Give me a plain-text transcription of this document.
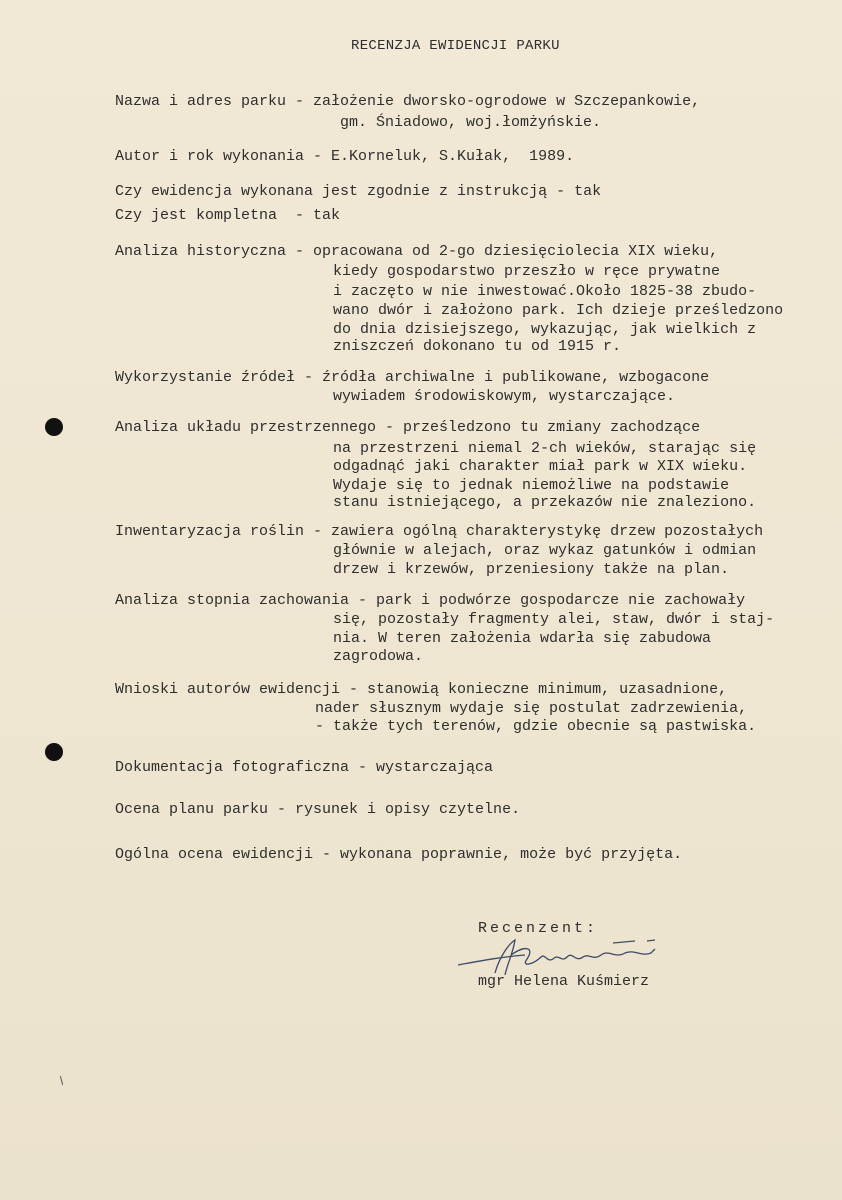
RECENZJA EWIDENCJI PARKU
Nazwa i adres parku - założenie dworsko-ogrodowe w Szczepankowie,
gm. Śniadowo, woj.łomżyńskie.
Autor i rok wykonania - E.Korneluk, S.Kułak,  1989.
Czy ewidencja wykonana jest zgodnie z instrukcją - tak
Czy jest kompletna  - tak
Analiza historyczna - opracowana od 2-go dziesięciolecia XIX wieku,
kiedy gospodarstwo przeszło w ręce prywatne
i zaczęto w nie inwestować.Około 1825-38 zbudo-
wano dwór i założono park. Ich dzieje prześledzono
do dnia dzisiejszego, wykazując, jak wielkich z
zniszczeń dokonano tu od 1915 r.
Wykorzystanie źródeł - źródła archiwalne i publikowane, wzbogacone
wywiadem środowiskowym, wystarczające.
Analiza układu przestrzennego - prześledzono tu zmiany zachodzące
na przestrzeni niemal 2-ch wieków, starając się
odgadnąć jaki charakter miał park w XIX wieku.
Wydaje się to jednak niemożliwe na podstawie
stanu istniejącego, a przekazów nie znaleziono.
Inwentaryzacja roślin - zawiera ogólną charakterystykę drzew pozostałych
głównie w alejach, oraz wykaz gatunków i odmian
drzew i krzewów, przeniesiony także na plan.
Analiza stopnia zachowania - park i podwórze gospodarcze nie zachowały
się, pozostały fragmenty alei, staw, dwór i staj-
nia. W teren założenia wdarła się zabudowa
zagrodowa.
Wnioski autorów ewidencji - stanowią konieczne minimum, uzasadnione,
nader słusznym wydaje się postulat zadrzewienia,
- także tych terenów, gdzie obecnie są pastwiska.
Dokumentacja fotograficzna - wystarczająca
Ocena planu parku - rysunek i opisy czytelne.
Ogólna ocena ewidencji - wykonana poprawnie, może być przyjęta.
Recenzent:
mgr Helena Kuśmierz
